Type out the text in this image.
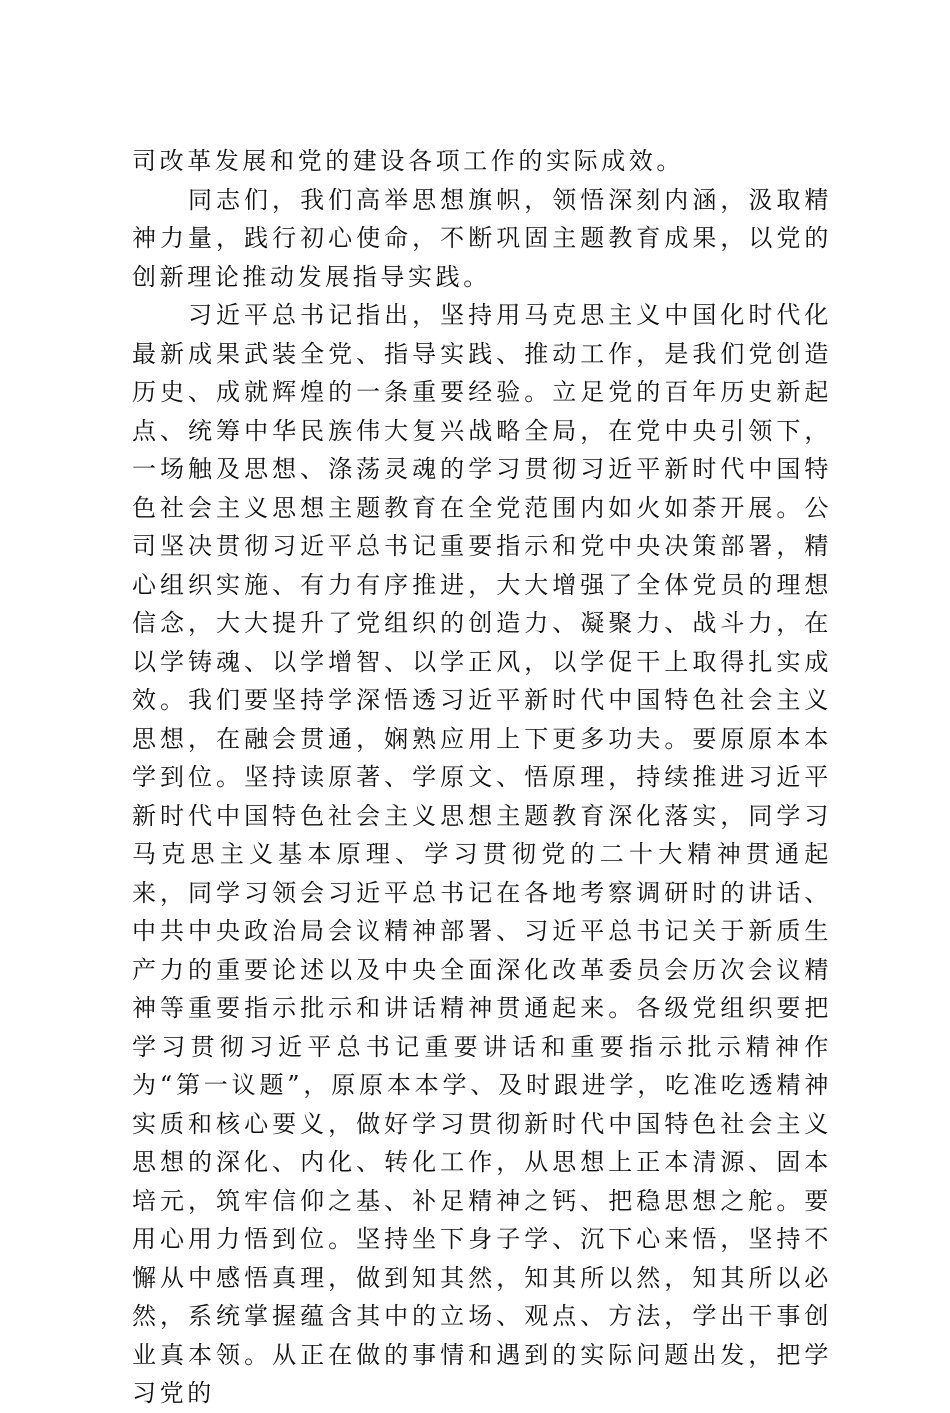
司改革发展和党的建设各项工作的实际成效。

同志们，我们高举思想旗帜，领悟深刻内涵，汲取精神力量，践行初心使命，不断巩固主题教育成果，以党的创新理论推动发展指导实践。

习近平总书记指出，坚持用马克思主义中国化时代化最新成果武装全党、指导实践、推动工作，是我们党创造历史、成就辉煌的一条重要经验。立足党的百年历史新起点、统筹中华民族伟大复兴战略全局，在党中央引领下，一场触及思想、涤荡灵魂的学习贯彻习近平新时代中国特色社会主义思想主题教育在全党范围内如火如荼开展。公司坚决贯彻习近平总书记重要指示和党中央决策部署，精心组织实施、有力有序推进，大大增强了全体党员的理想信念，大大提升了党组织的创造力、凝聚力、战斗力，在以学铸魂、以学增智、以学正风，以学促干上取得扎实成效。我们要坚持学深悟透习近平新时代中国特色社会主义思想，在融会贯通，娴熟应用上下更多功夫。要原原本本学到位。坚持读原著、学原文、悟原理，持续推进习近平新时代中国特色社会主义思想主题教育深化落实，同学习马克思主义基本原理、学习贯彻党的二十大精神贯通起来，同学习领会习近平总书记在各地考察调研时的讲话、中共中央政治局会议精神部署、习近平总书记关于新质生产力的重要论述以及中央全面深化改革委员会历次会议精神等重要指示批示和讲话精神贯通起来。各级党组织要把学习贯彻习近平总书记重要讲话和重要指示批示精神作为“第一议题”，原原本本学、及时跟进学，吃准吃透精神实质和核心要义，做好学习贯彻新时代中国特色社会主义思想的深化、内化、转化工作，从思想上正本清源、固本培元，筑牢信仰之基、补足精神之钙、把稳思想之舵。要用心用力悟到位。坚持坐下身子学、沉下心来悟，坚持不懈从中感悟真理，做到知其然，知其所以然，知其所以必然，系统掌握蕴含其中的立场、观点、方法，学出干事创业真本领。从正在做的事情和遇到的实际问题出发，把学习党的
